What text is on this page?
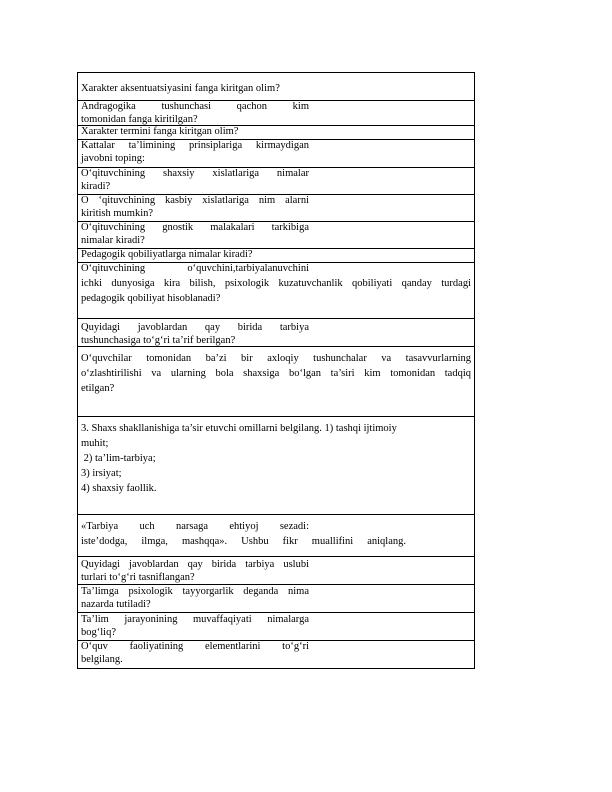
Xarakter aksentuatsiyasini fanga kiritgan olim?
Andragogika tushunchasi qachon kim
tomonidan fanga kiritilgan?
Xarakter termini fanga kiritgan olim?
Kattalar ta’limining prinsiplariga kirmaydigan
javobni toping:
O‘qituvchining shaxsiy xislatlariga nimalar
kiradi?
O ‘qituvchining kasbiy xislatlariga nim alarni
kiritish mumkin?
O‘qituvchining gnostik malakalari tarkibiga
nimalar kiradi?
Pedagogik qobiliyatlarga nimalar kiradi?
O‘qituvchining o‘quvchini,tarbiyalanuvchini
ichki dunyosiga kira bilish, psixologik kuzatuvchanlik qobiliyati qanday turdagi
pedagogik qobiliyat hisoblanadi?
Quyidagi javoblardan qay birida tarbiya
tushunchasiga to‘g‘ri ta’rif berilgan?
O‘quvchilar tomonidan ba’zi bir axloqiy tushunchalar va tasavvurlarning
o‘zlashtirilishi va ularning bola shaxsiga bo‘lgan ta’siri kim tomonidan tadqiq
etilgan?
3. Shaxs shakllanishiga ta’sir etuvchi omillarni belgilang. 1) tashqi ijtimoiy
muhit;
2) ta’lim-tarbiya;
3) irsiyat;
4) shaxsiy faollik.
«Tarbiya uch narsaga ehtiyoj sezadi:
iste’dodga, ilmga, mashqqa». Ushbu fikr muallifini aniqlang.
Quyidagi javoblardan qay birida tarbiya uslubi
turlari to‘g‘ri tasniflangan?
Ta’limga psixologik tayyorgarlik deganda nima
nazarda tutiladi?
Ta’lim jarayonining muvaffaqiyati nimalarga
bog‘liq?
O‘quv faoliyatining elementlarini to‘g‘ri
belgilang.
